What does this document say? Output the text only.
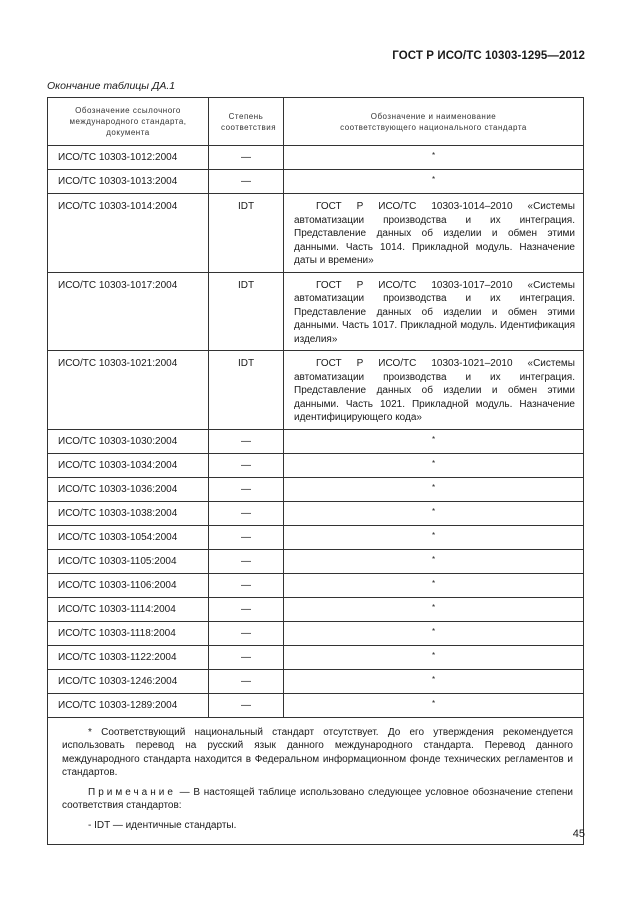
ГОСТ Р ИСО/ТС 10303-1295—2012
Окончание таблицы ДА.1
Обозначение ссылочного международного стандарта, документа	Степень соответствия	Обозначение и наименование соответствующего национального стандарта
ИСО/ТС 10303-1012:2004	—	*
ИСО/ТС 10303-1013:2004	—	*
ИСО/ТС 10303-1014:2004	IDT	ГОСТ Р ИСО/ТС 10303-1014–2010 «Системы автоматизации производства и их интеграция. Представление данных об изделии и обмен этими данными. Часть 1014. Прикладной модуль. Назначение даты и времени»
ИСО/ТС 10303-1017:2004	IDT	ГОСТ Р ИСО/ТС 10303-1017–2010 «Системы автоматизации производства и их интеграция. Представление данных об изделии и обмен этими данными. Часть 1017. Прикладной модуль. Идентификация изделия»
ИСО/ТС 10303-1021:2004	IDT	ГОСТ Р ИСО/ТС 10303-1021–2010 «Системы автоматизации производства и их интеграция. Представление данных об изделии и обмен этими данными. Часть 1021. Прикладной модуль. Назначение идентифицирующего кода»
ИСО/ТС 10303-1030:2004	—	*
ИСО/ТС 10303-1034:2004	—	*
ИСО/ТС 10303-1036:2004	—	*
ИСО/ТС 10303-1038:2004	—	*
ИСО/ТС 10303-1054:2004	—	*
ИСО/ТС 10303-1105:2004	—	*
ИСО/ТС 10303-1106:2004	—	*
ИСО/ТС 10303-1114:2004	—	*
ИСО/ТС 10303-1118:2004	—	*
ИСО/ТС 10303-1122:2004	—	*
ИСО/ТС 10303-1246:2004	—	*
ИСО/ТС 10303-1289:2004	—	*

* Соответствующий национальный стандарт отсутствует. До его утверждения рекомендуется использовать перевод на русский язык данного международного стандарта. Перевод данного международного стандарта находится в Федеральном информационном фонде технических регламентов и стандартов.

Примечание — В настоящей таблице использовано следующее условное обозначение степени соответствия стандартов:

- IDT — идентичные стандарты.		

45
